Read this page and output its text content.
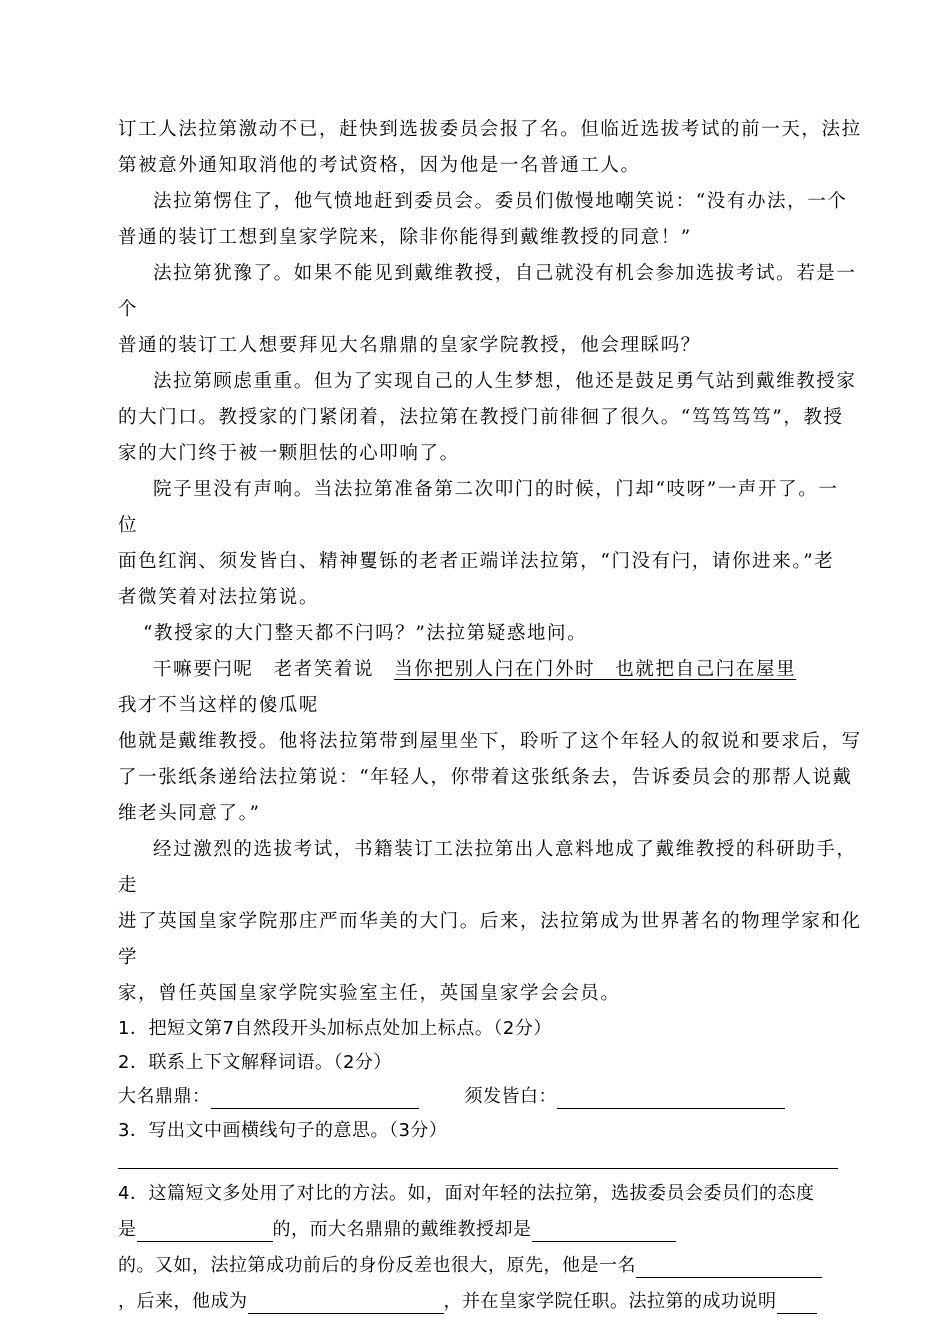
订工人法拉第激动不已，赶快到选拔委员会报了名。但临近选拔考试的前一天，法拉
第被意外通知取消他的考试资格，因为他是一名普通工人。
法拉第愣住了，他气愤地赶到委员会。委员们傲慢地嘲笑说：“没有办法，一个
普通的装订工想到皇家学院来，除非你能得到戴维教授的同意！”
法拉第犹豫了。如果不能见到戴维教授，自己就没有机会参加选拔考试。若是一
个
普通的装订工人想要拜见大名鼎鼎的皇家学院教授，他会理睬吗？
法拉第顾虑重重。但为了实现自己的人生梦想，他还是鼓足勇气站到戴维教授家
的大门口。教授家的门紧闭着，法拉第在教授门前徘徊了很久。“笃笃笃笃”，教授
家的大门终于被一颗胆怯的心叩响了。
院子里没有声响。当法拉第准备第二次叩门的时候，门却“吱呀”一声开了。一
位
面色红润、须发皆白、精神矍铄的老者正端详法拉第，“门没有闩，请你进来。”老
者微笑着对法拉第说。
“教授家的大门整天都不闩吗？”法拉第疑惑地问。
干嘛要闩呢　老者笑着说　当你把别人闩在门外时　也就把自己闩在屋里
我才不当这样的傻瓜呢
他就是戴维教授。他将法拉第带到屋里坐下，聆听了这个年轻人的叙说和要求后，写
了一张纸条递给法拉第说：“年轻人，你带着这张纸条去，告诉委员会的那帮人说戴
维老头同意了。”
经过激烈的选拔考试，书籍装订工法拉第出人意料地成了戴维教授的科研助手，
走
进了英国皇家学院那庄严而华美的大门。后来，法拉第成为世界著名的物理学家和化
学
家，曾任英国皇家学院实验室主任，英国皇家学会会员。
1．把短文第7自然段开头加标点处加上标点。（2分）
2．联系上下文解释词语。（2分）
大名鼎鼎：	须发皆白：
3．写出文中画横线句子的意思。（3分）
4．这篇短文多处用了对比的方法。如，面对年轻的法拉第，选拔委员会委员们的态度
是	的，而大名鼎鼎的戴维教授却是
的。又如，法拉第成功前后的身份反差也很大，原先，他是一名
，后来，他成为	，并在皇家学院任职。法拉第的成功说明
